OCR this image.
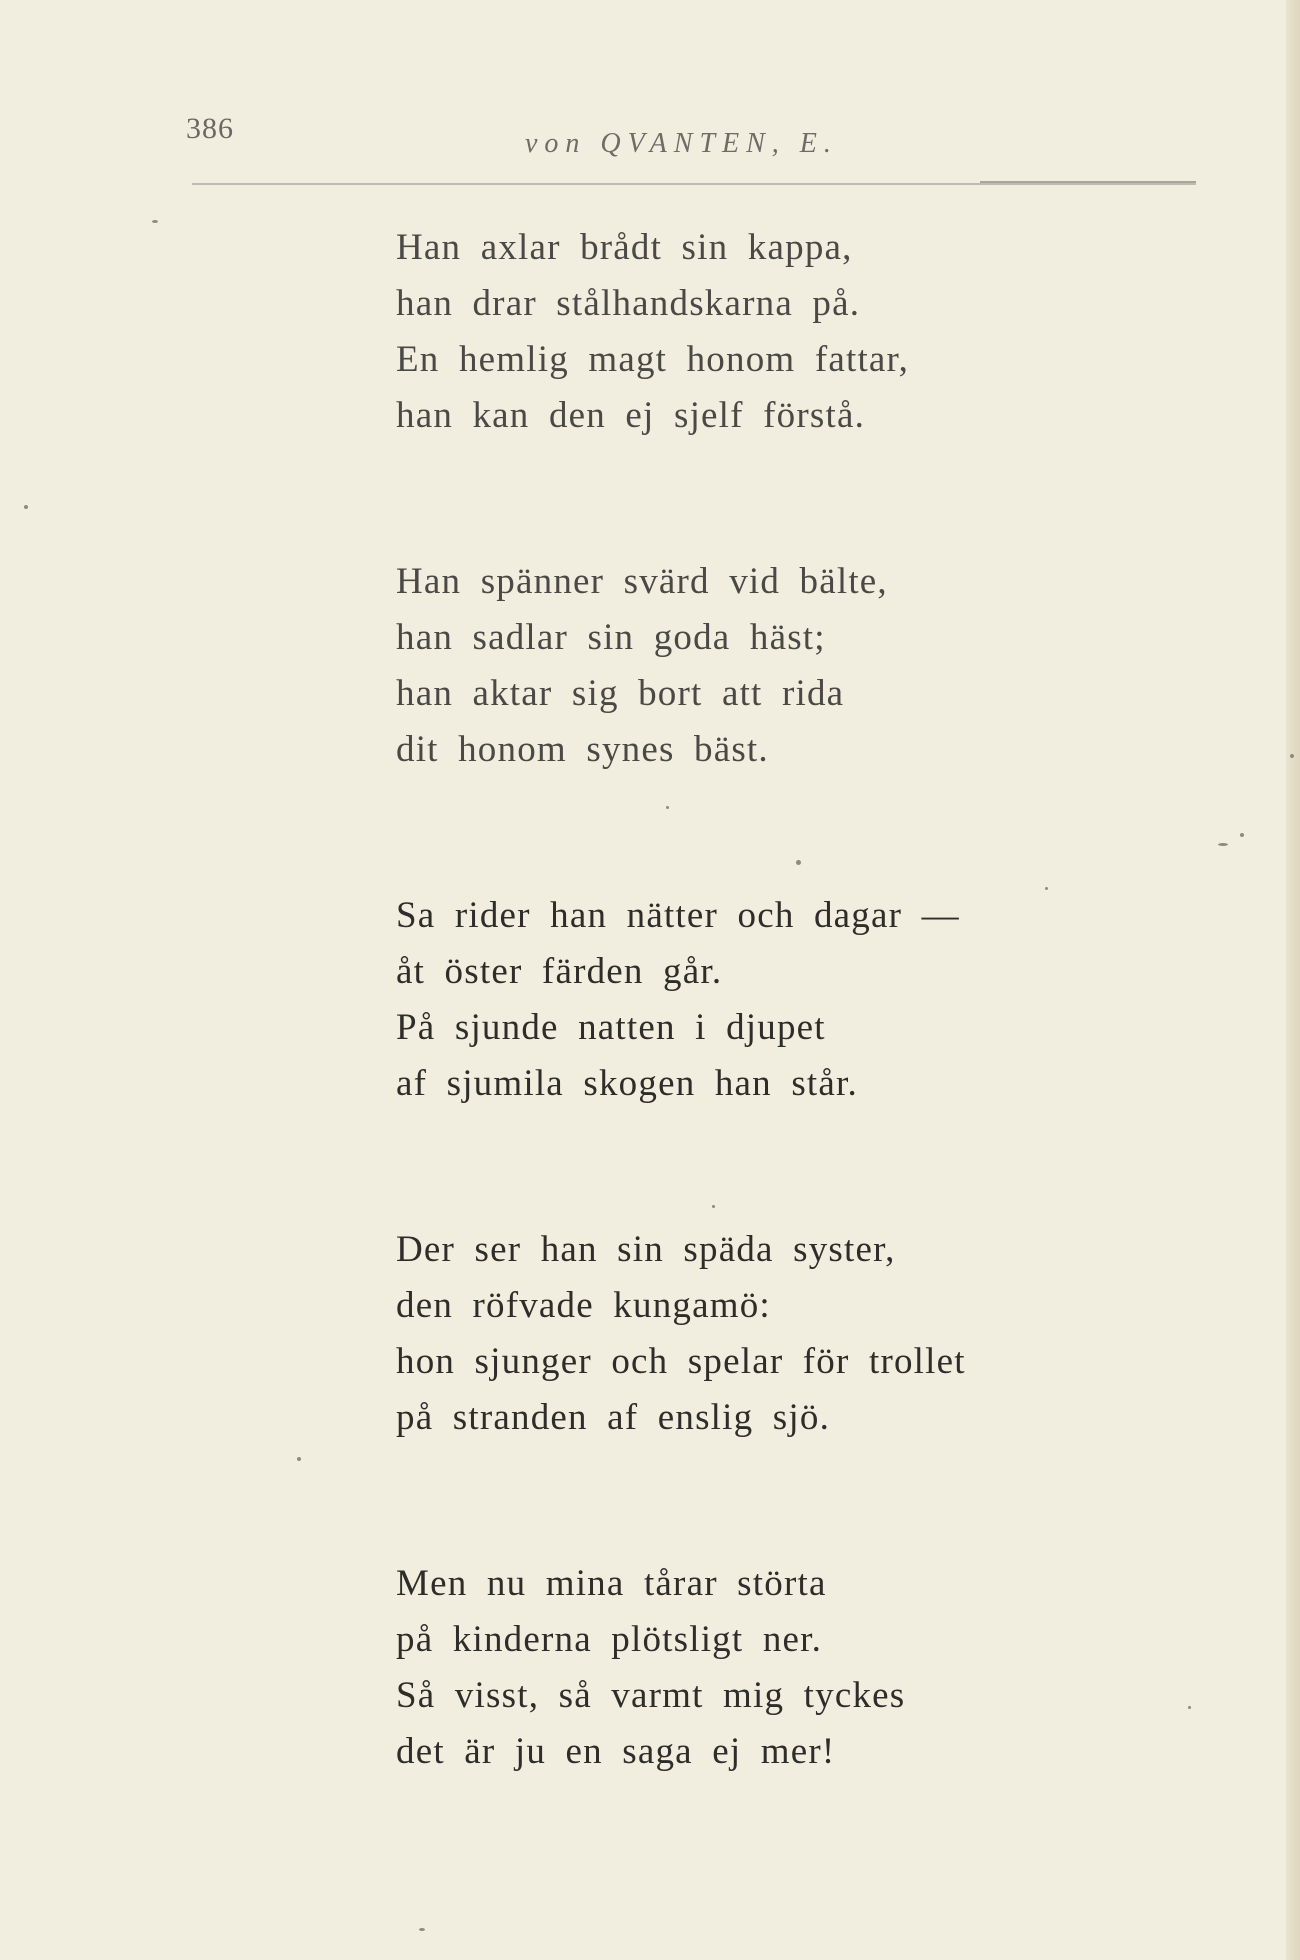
386	von QVANTEN, E.
Han axlar brådt sin kappa,
han drar stålhandskarna på.
En hemlig magt honom fattar,
han kan den ej sjelf förstå.
Han spänner svärd vid bälte,
han sadlar sin goda häst;
han aktar sig bort att rida
dit honom synes bäst.
Sa rider han nätter och dagar —
åt öster färden går.
På sjunde natten i djupet
af sjumila skogen han står.
Der ser han sin späda syster,
den röfvade kungamö:
hon sjunger och spelar för trollet
på stranden af enslig sjö.
Men nu mina tårar störta
på kinderna plötsligt ner.
Så visst, så varmt mig tyckes
det är ju en saga ej mer!
